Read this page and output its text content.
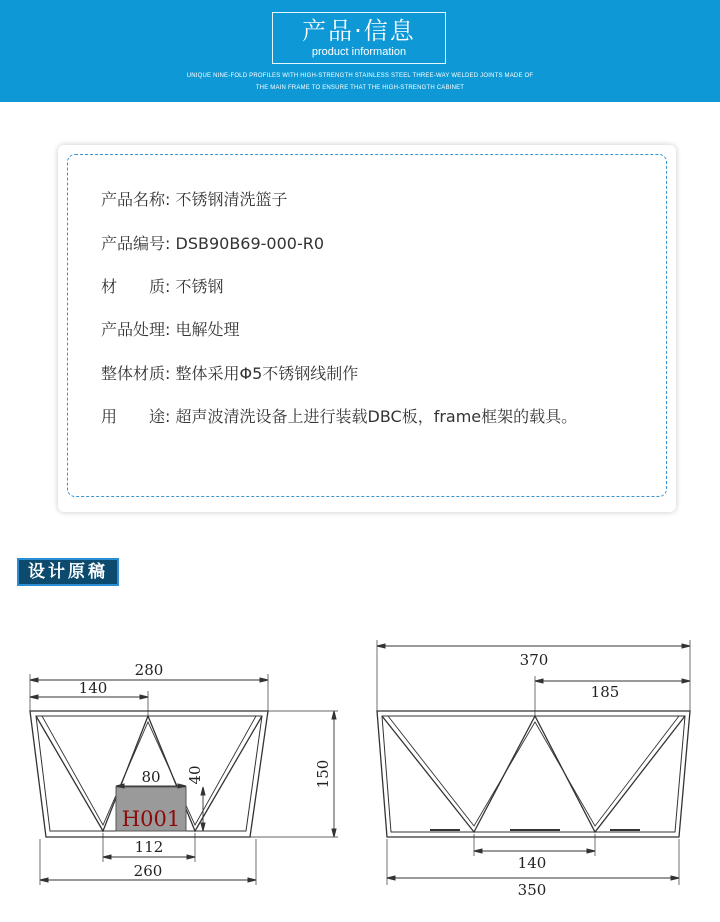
产品·信息
product information
UNIQUE NINE-FOLD PROFILES WITH HIGH-STRENGTH STAINLESS STEEL THREE-WAY WELDED JOINTS MADE OF
THE MAIN FRAME TO ENSURE THAT THE HIGH-STRENGTH CABINET
产品名称: 不锈钢清洗篮子
产品编号: DSB90B69-000-R0
材　　质: 不锈钢
产品处理: 电解处理
整体材质: 整体采用Φ5不锈钢线制作
用　　途: 超声波清洗设备上进行装载DBC板，frame框架的载具。
设计原稿
280
140
80 40	150
112
260
H001
370
185
140
350
